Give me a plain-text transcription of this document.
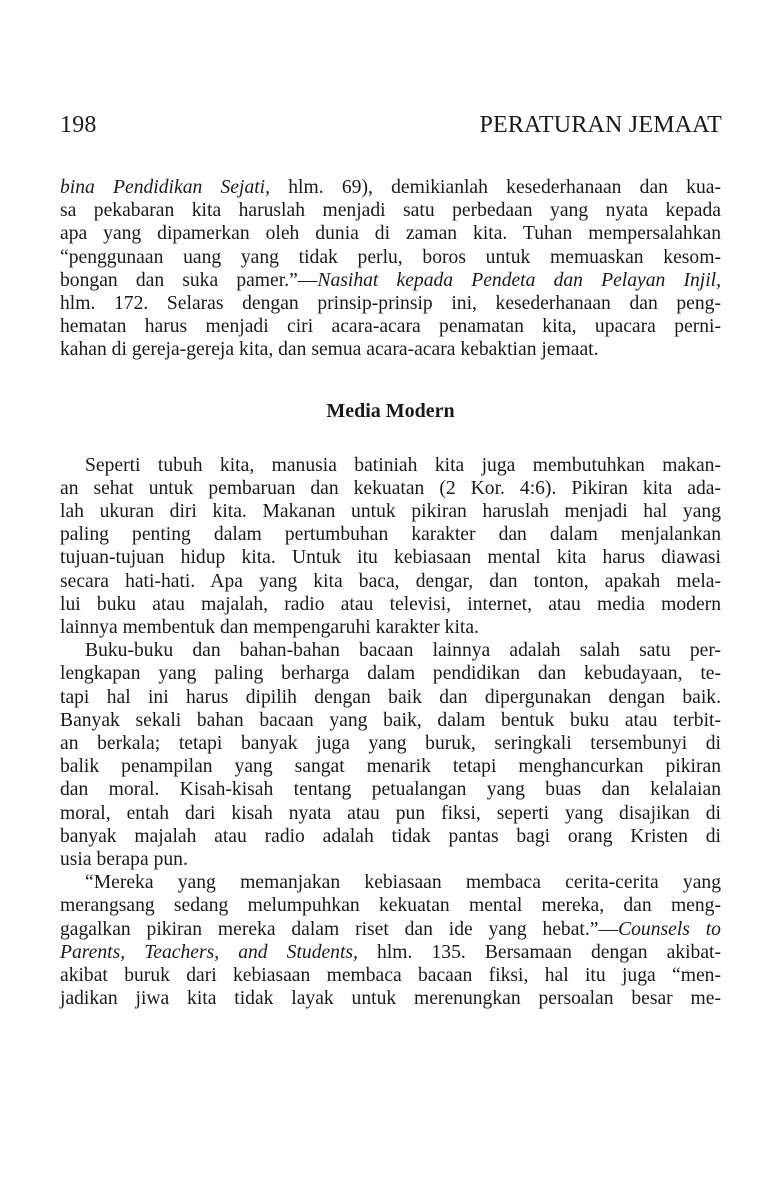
198	PERATURAN JEMAAT

bina Pendidikan Sejati, hlm. 69), demikianlah kesederhanaan dan kua-
sa pekabaran kita haruslah menjadi satu perbedaan yang nyata kepada
apa yang dipamerkan oleh dunia di zaman kita. Tuhan mempersalahkan
“penggunaan uang yang tidak perlu, boros untuk memuaskan kesom-
bongan dan suka pamer.”—Nasihat kepada Pendeta dan Pelayan Injil,
hlm. 172. Selaras dengan prinsip-prinsip ini, kesederhanaan dan peng-
hematan harus menjadi ciri acara-acara penamatan kita, upacara perni-
kahan di gereja-gereja kita, dan semua acara-acara kebaktian jemaat.

Media Modern

Seperti tubuh kita, manusia batiniah kita juga membutuhkan makan-
an sehat untuk pembaruan dan kekuatan (2 Kor. 4:6). Pikiran kita ada-
lah ukuran diri kita. Makanan untuk pikiran haruslah menjadi hal yang
paling penting dalam pertumbuhan karakter dan dalam menjalankan
tujuan-tujuan hidup kita. Untuk itu kebiasaan mental kita harus diawasi
secara hati-hati. Apa yang kita baca, dengar, dan tonton, apakah mela-
lui buku atau majalah, radio atau televisi, internet, atau media modern
lainnya membentuk dan mempengaruhi karakter kita.

Buku-buku dan bahan-bahan bacaan lainnya adalah salah satu per-
lengkapan yang paling berharga dalam pendidikan dan kebudayaan, te-
tapi hal ini harus dipilih dengan baik dan dipergunakan dengan baik.
Banyak sekali bahan bacaan yang baik, dalam bentuk buku atau terbit-
an berkala; tetapi banyak juga yang buruk, seringkali tersembunyi di
balik penampilan yang sangat menarik tetapi menghancurkan pikiran
dan moral. Kisah-kisah tentang petualangan yang buas dan kelalaian
moral, entah dari kisah nyata atau pun fiksi, seperti yang disajikan di
banyak majalah atau radio adalah tidak pantas bagi orang Kristen di
usia berapa pun.

“Mereka yang memanjakan kebiasaan membaca cerita-cerita yang
merangsang sedang melumpuhkan kekuatan mental mereka, dan meng-
gagalkan pikiran mereka dalam riset dan ide yang hebat.”—Counsels to
Parents, Teachers, and Students, hlm. 135. Bersamaan dengan akibat-
akibat buruk dari kebiasaan membaca bacaan fiksi, hal itu juga “men-
jadikan jiwa kita tidak layak untuk merenungkan persoalan besar me-
